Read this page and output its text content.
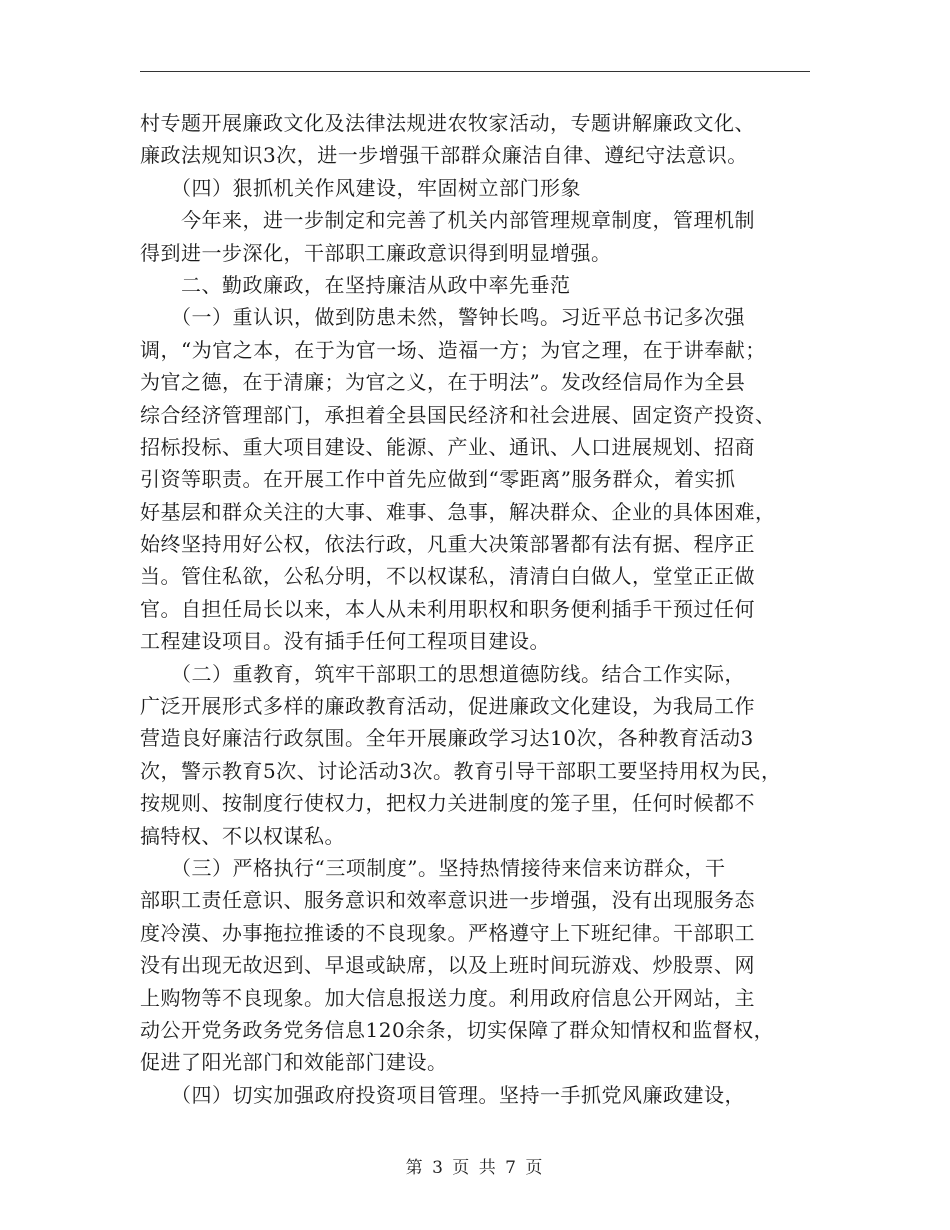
村专题开展廉政文化及法律法规进农牧家活动，专题讲解廉政文化、
廉政法规知识3次，进一步增强干部群众廉洁自律、遵纪守法意识。
　　（四）狠抓机关作风建设，牢固树立部门形象
　　今年来，进一步制定和完善了机关内部管理规章制度，管理机制
得到进一步深化，干部职工廉政意识得到明显增强。
　　二、勤政廉政，在坚持廉洁从政中率先垂范
　　（一）重认识，做到防患未然，警钟长鸣。习近平总书记多次强
调，“为官之本，在于为官一场、造福一方；为官之理，在于讲奉献；
为官之德，在于清廉；为官之义，在于明法”。发改经信局作为全县
综合经济管理部门，承担着全县国民经济和社会进展、固定资产投资、
招标投标、重大项目建设、能源、产业、通讯、人口进展规划、招商
引资等职责。在开展工作中首先应做到“零距离”服务群众，着实抓
好基层和群众关注的大事、难事、急事，解决群众、企业的具体困难，
始终坚持用好公权，依法行政，凡重大决策部署都有法有据、程序正
当。管住私欲，公私分明，不以权谋私，清清白白做人，堂堂正正做
官。自担任局长以来，本人从未利用职权和职务便利插手干预过任何
工程建设项目。没有插手任何工程项目建设。
　　（二）重教育，筑牢干部职工的思想道德防线。结合工作实际，
广泛开展形式多样的廉政教育活动，促进廉政文化建设，为我局工作
营造良好廉洁行政氛围。全年开展廉政学习达10次，各种教育活动3
次，警示教育5次、讨论活动3次。教育引导干部职工要坚持用权为民，
按规则、按制度行使权力，把权力关进制度的笼子里，任何时候都不
搞特权、不以权谋私。
　　（三）严格执行“三项制度”。坚持热情接待来信来访群众，干
部职工责任意识、服务意识和效率意识进一步增强，没有出现服务态
度冷漠、办事拖拉推诿的不良现象。严格遵守上下班纪律。干部职工
没有出现无故迟到、早退或缺席，以及上班时间玩游戏、炒股票、网
上购物等不良现象。加大信息报送力度。利用政府信息公开网站，主
动公开党务政务党务信息120余条，切实保障了群众知情权和监督权，
促进了阳光部门和效能部门建设。
　　（四）切实加强政府投资项目管理。坚持一手抓党风廉政建设，
第 3 页 共 7 页
